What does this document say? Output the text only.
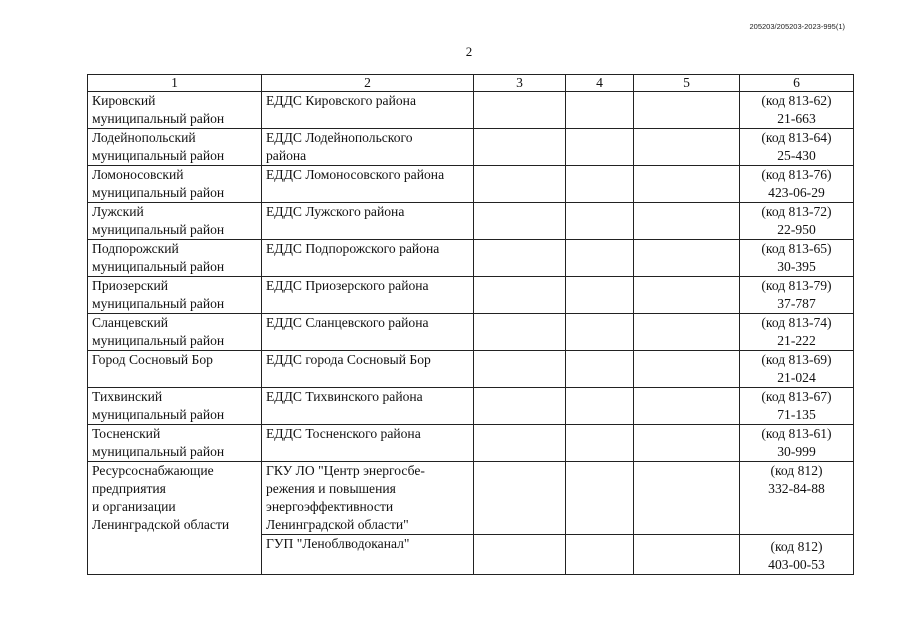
205203/205203-2023-995(1)
2
1	2	3	4	5	6

Кировский
муниципальный район	ЕДДС Кировского района				(код 813-62)
21-663

Лодейнопольский
муниципальный район	ЕДДС Лодейнопольского
района				(код 813-64)
25-430

Ломоносовский
муниципальный район	ЕДДС Ломоносовского района				(код 813-76)
423-06-29

Лужский
муниципальный район	ЕДДС Лужского района				(код 813-72)
22-950

Подпорожский
муниципальный район	ЕДДС Подпорожского района				(код 813-65)
30-395

Приозерский
муниципальный район	ЕДДС Приозерского района				(код 813-79)
37-787

Сланцевский
муниципальный район	ЕДДС Сланцевского района				(код 813-74)
21-222

Город Сосновый Бор	ЕДДС города Сосновый Бор				(код 813-69)
21-024

Тихвинский
муниципальный район	ЕДДС Тихвинского района				(код 813-67)
71-135

Тосненский
муниципальный район	ЕДДС Тосненского района				(код 813-61)
30-999

Ресурсоснабжающие
предприятия
и организации
Ленинградской области	ГКУ ЛО "Центр энергосбе-
режения и повышения
энергоэффективности
Ленинградской области"				(код 812)
332-84-88

	ГУП "Леноблводоканал"				(код 812)
403-00-53
